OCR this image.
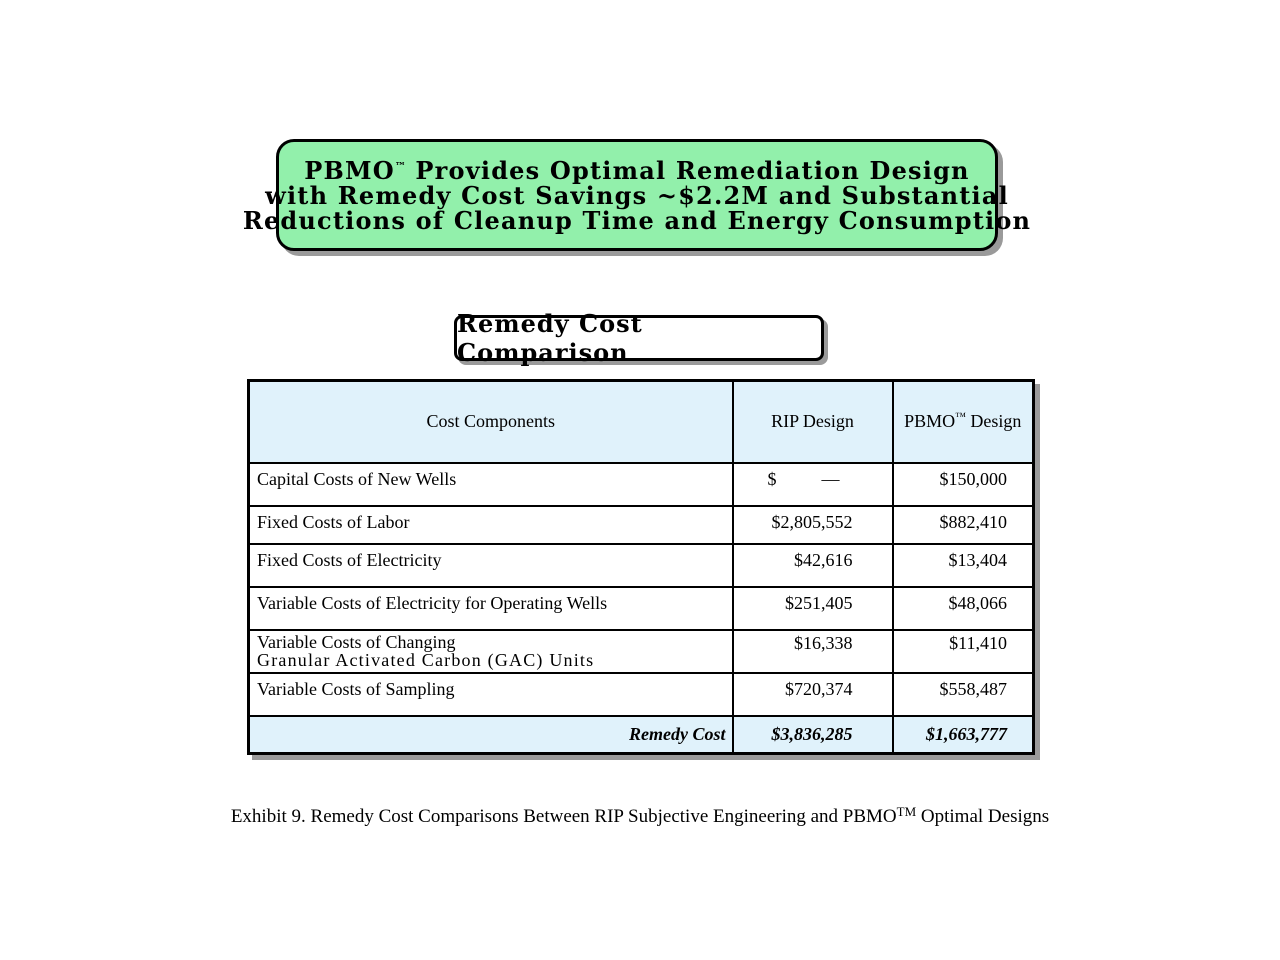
PBMO™ Provides Optimal Remediation Design
with Remedy Cost Savings ~$2.2M and Substantial
Reductions of Cleanup Time and Energy Consumption
Remedy Cost Comparison
Cost Components	RIP Design	PBMO™ Design
Capital Costs of New Wells	$ —	$150,000
Fixed Costs of Labor	$2,805,552	$882,410
Fixed Costs of Electricity	$42,616	$13,404
Variable Costs of Electricity for Operating Wells	$251,405	$48,066

Variable Costs of Changing
Granular Activated Carbon (GAC) Units	$16,338	$11,410
Variable Costs of Sampling	$720,374	$558,487
Remedy Cost	$3,836,285	$1,663,777
Exhibit 9. Remedy Cost Comparisons Between RIP Subjective Engineering and PBMO™ Optimal Designs
